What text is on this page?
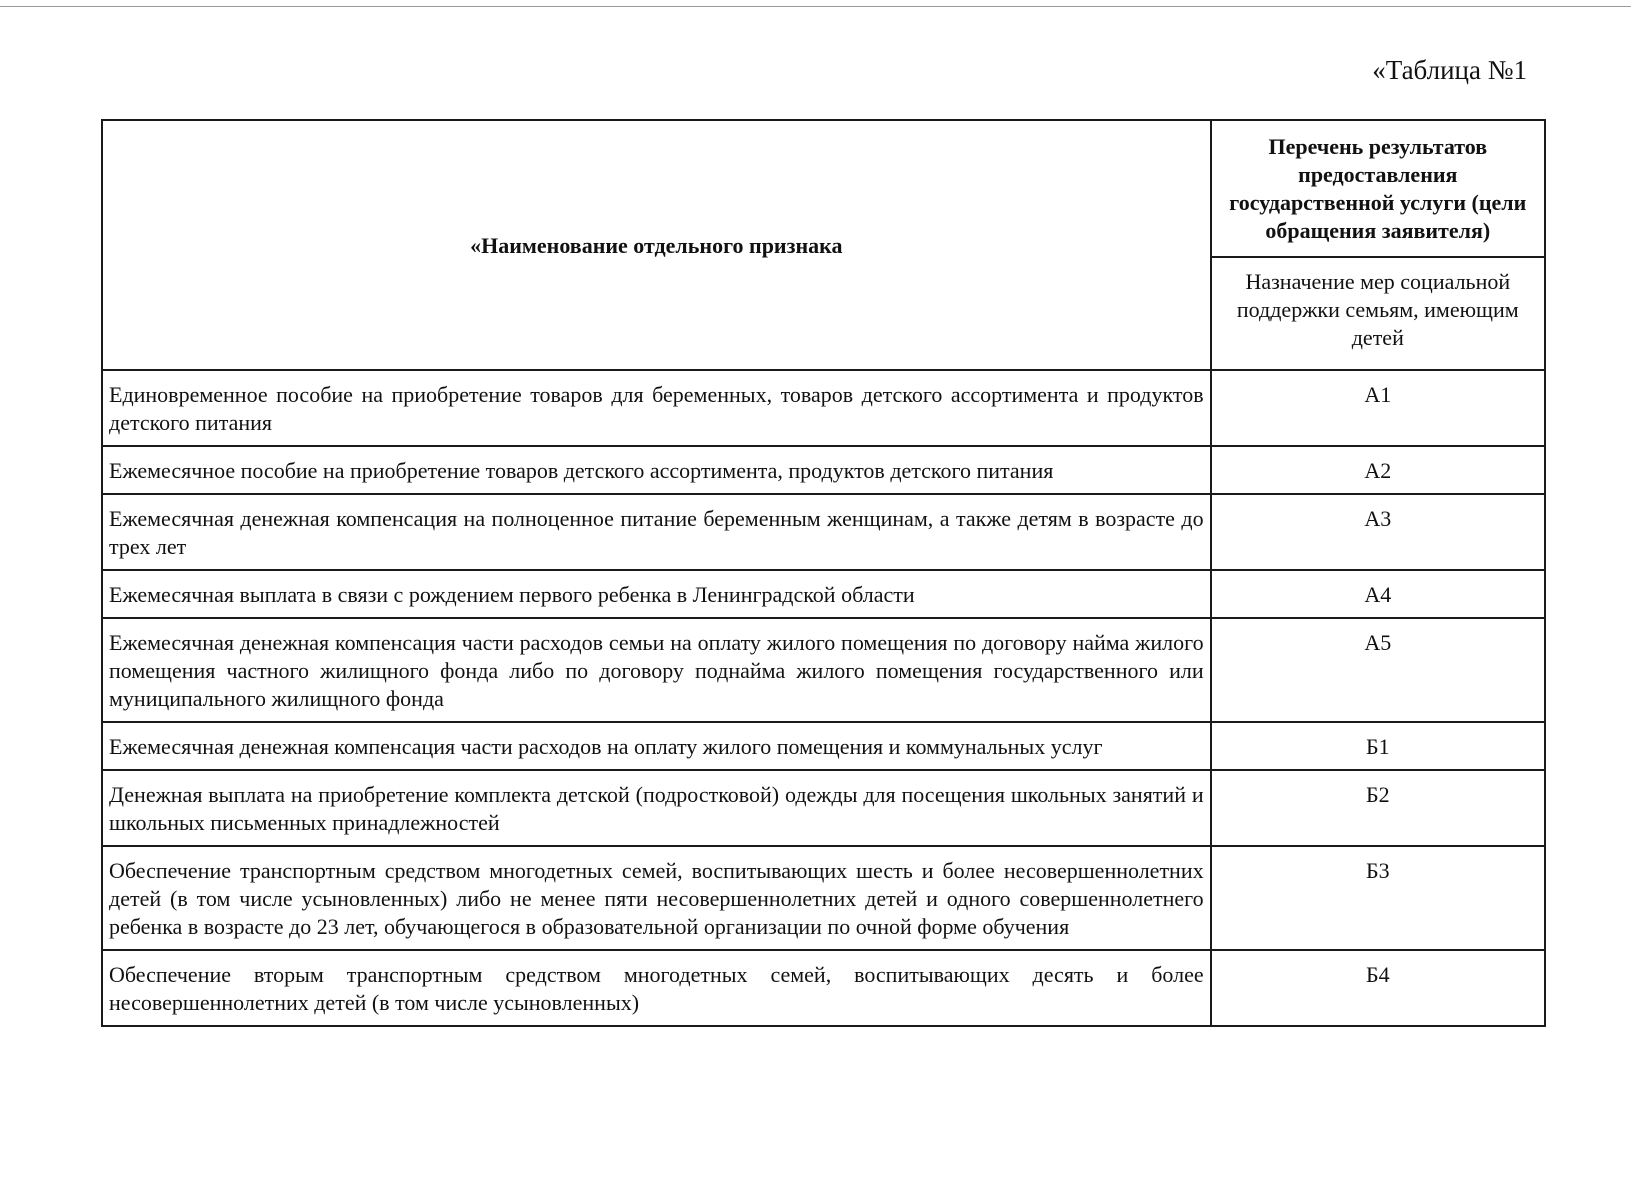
«Таблица №1
«Наименование отдельного признака	Перечень результатов предоставления государственной услуги (цели обращения заявителя)
	Назначение мер социальной поддержки семьям, имеющим детей
Единовременное пособие на приобретение товаров для беременных, товаров детского ассортимента и продуктов детского питания	А1
Ежемесячное пособие на приобретение товаров детского ассортимента, продуктов детского питания	А2
Ежемесячная денежная компенсация на полноценное питание беременным женщинам, а также детям в возрасте до трех лет	А3
Ежемесячная выплата в связи с рождением первого ребенка в Ленинградской области	А4
Ежемесячная денежная компенсация части расходов семьи на оплату жилого помещения по договору найма жилого помещения частного жилищного фонда либо по договору поднайма жилого помещения государственного или муниципального жилищного фонда	А5
Ежемесячная денежная компенсация части расходов на оплату жилого помещения и коммунальных услуг	Б1
Денежная выплата на приобретение комплекта детской (подростковой) одежды для посещения школьных занятий и школьных письменных принадлежностей	Б2
Обеспечение транспортным средством многодетных семей, воспитывающих шесть и более несовершеннолетних детей (в том числе усыновленных) либо не менее пяти несовершеннолетних детей и одного совершеннолетнего ребенка в возрасте до 23 лет, обучающегося в образовательной организации по очной форме обучения	Б3
Обеспечение вторым транспортным средством многодетных семей, воспитывающих десять и более несовершеннолетних детей (в том числе усыновленных)	Б4
